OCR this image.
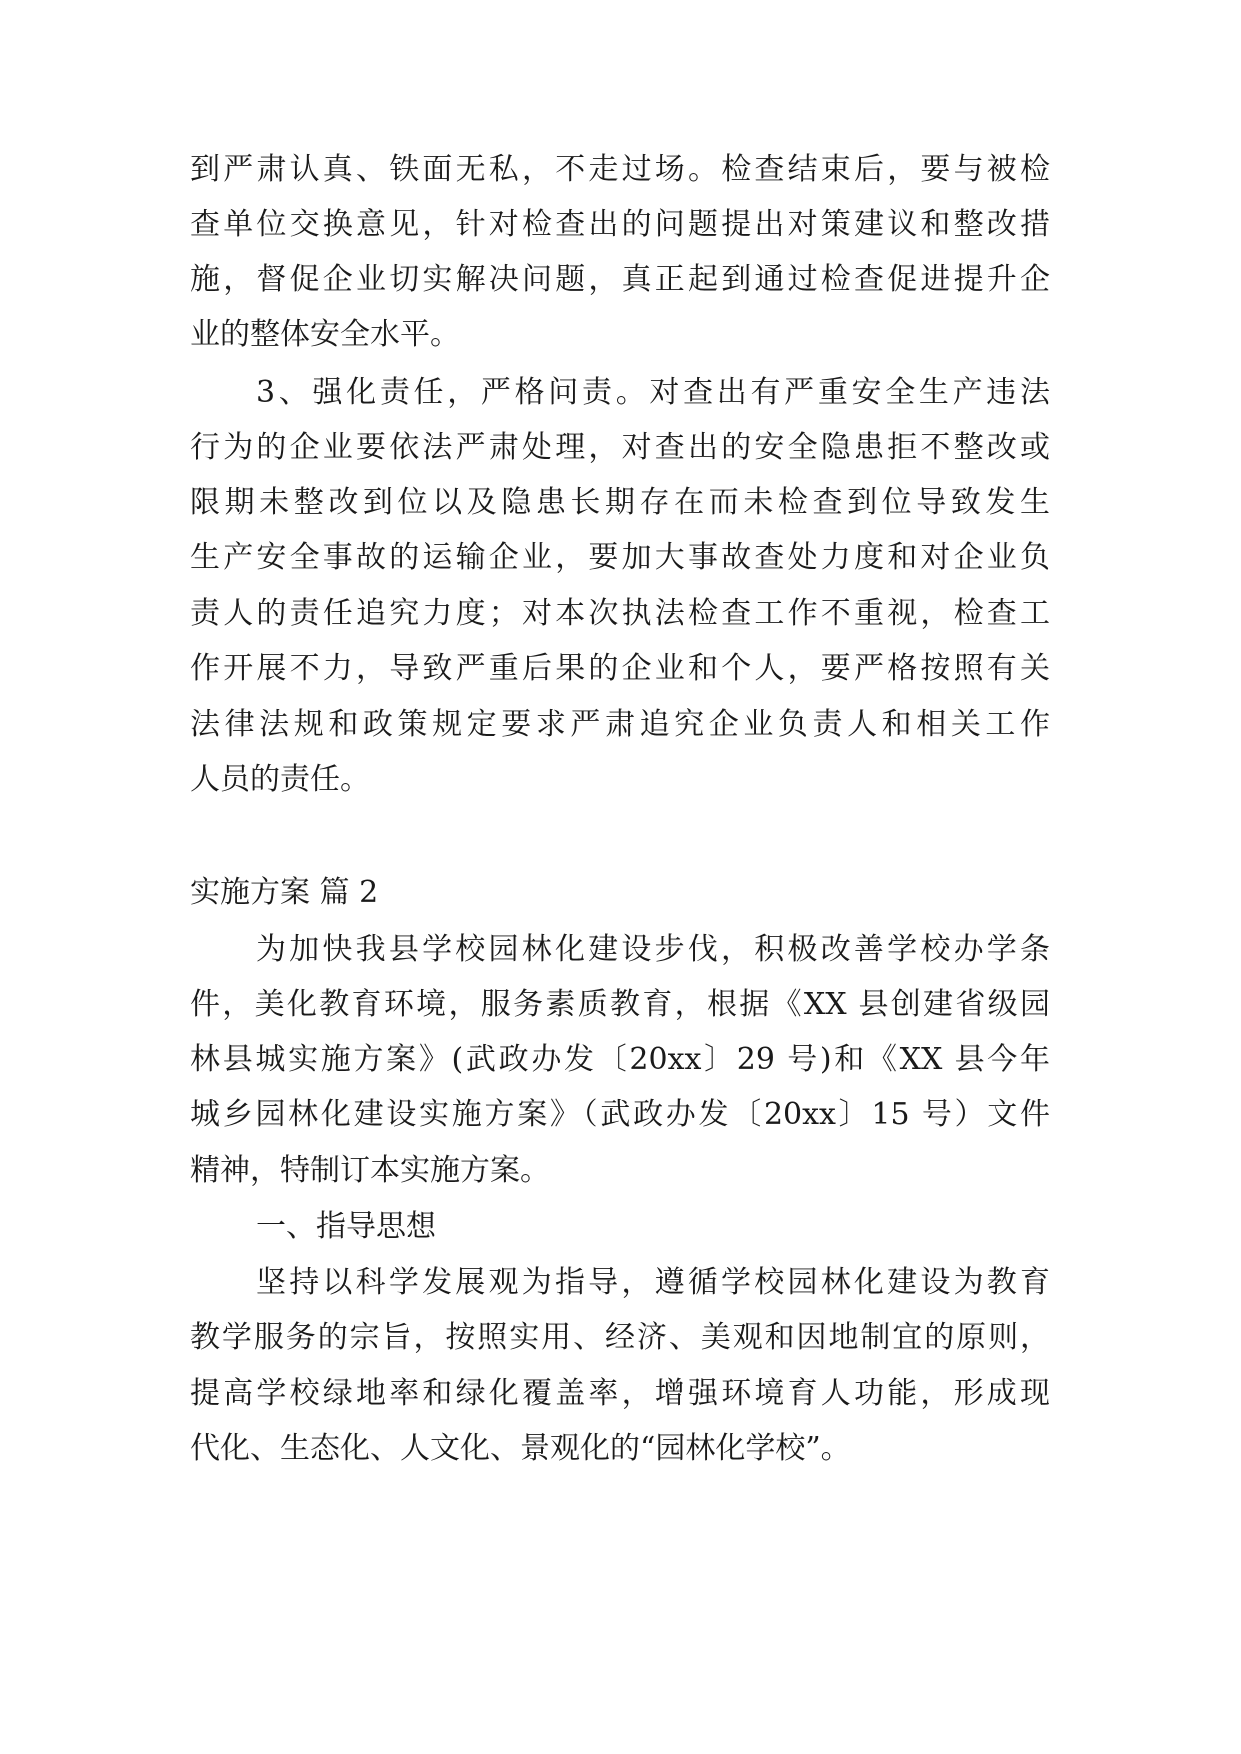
到严肃认真、铁面无私，不走过场。检查结束后，要与被检
查单位交换意见，针对检查出的问题提出对策建议和整改措
施，督促企业切实解决问题，真正起到通过检查促进提升企
业的整体安全水平。
3、强化责任，严格问责。对查出有严重安全生产违法
行为的企业要依法严肃处理，对查出的安全隐患拒不整改或
限期未整改到位以及隐患长期存在而未检查到位导致发生
生产安全事故的运输企业，要加大事故查处力度和对企业负
责人的责任追究力度；对本次执法检查工作不重视，检查工
作开展不力，导致严重后果的企业和个人，要严格按照有关
法律法规和政策规定要求严肃追究企业负责人和相关工作
人员的责任。
实施方案 篇 2
为加快我县学校园林化建设步伐，积极改善学校办学条
件，美化教育环境，服务素质教育，根据《XX 县创建省级园
林县城实施方案》(武政办发〔20xx〕29 号)和《XX 县今年
城乡园林化建设实施方案》（武政办发〔20xx〕15 号）文件
精神，特制订本实施方案。
一、指导思想
坚持以科学发展观为指导，遵循学校园林化建设为教育
教学服务的宗旨，按照实用、经济、美观和因地制宜的原则，
提高学校绿地率和绿化覆盖率，增强环境育人功能，形成现
代化、生态化、人文化、景观化的“园林化学校”。
